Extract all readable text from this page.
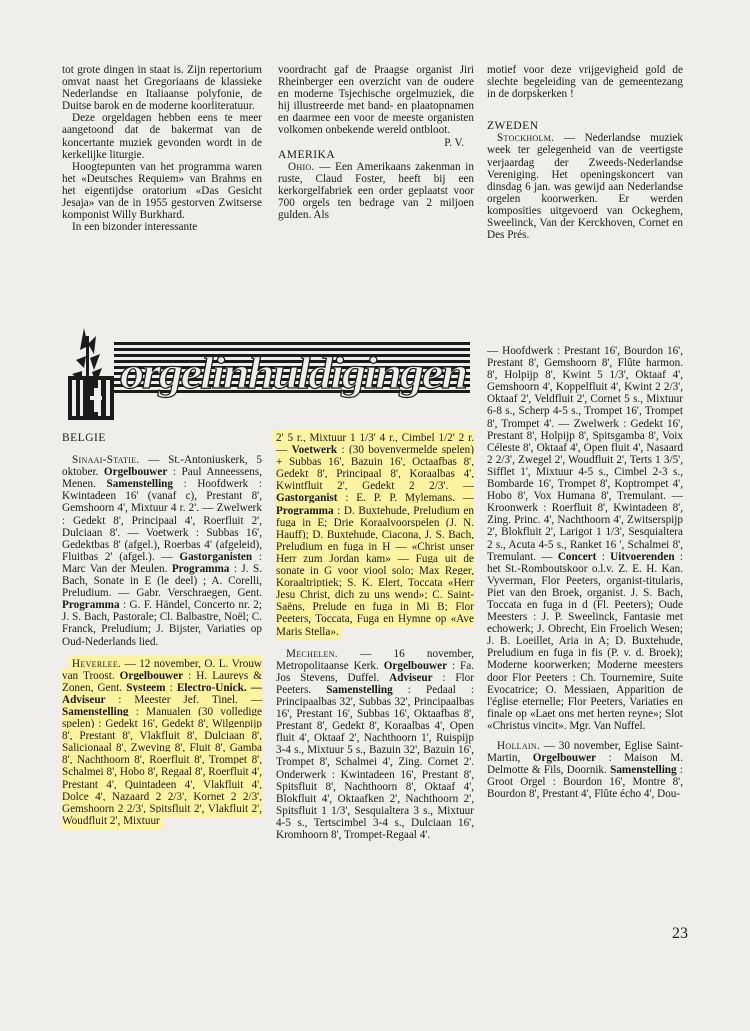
tot grote dingen in staat is. Zijn repertorium omvat naast het Gregoriaans de klassieke Nederlandse en Italiaanse polyfonie, de Duitse barok en de moderne koorliteratuur.

Deze orgeldagen hebben eens te meer aangetoond dat de bakermat van de koncertante muziek gevonden wordt in de kerkelijke liturgie.

Hoogtepunten van het programma waren het «Deutsches Requiem» van Brahms en het eigentijdse oratorium «Das Gesicht Jesaja» van de in 1955 gestorven Zwitserse komponist Willy Burkhard.

In een bizonder interessante

voordracht gaf de Praagse organist Jiri Rheinberger een overzicht van de oudere en moderne Tsjechische orgelmuziek, die hij illustreerde met band- en plaatopnamen en daarmee een voor de meeste organisten volkomen onbekende wereld ontbloot.

P. V.

AMERIKA

Ohio. — Een Amerikaans zakenman in ruste, Claud Foster, heeft bij een kerkorgelfabriek een order geplaatst voor 700 orgels ten bedrage van 2 miljoen gulden. Als

motief voor deze vrijgevigheid gold de slechte begeleiding van de gemeentezang in de dorpskerken !

ZWEDEN

Stockholm. — Nederlandse muziek week ter gelegenheid van de veertigste verjaardag der Zweeds-Nederlandse Vereniging. Het openingskoncert van dinsdag 6 jan. was gewijd aan Nederlandse orgelen koorwerken. Er werden komposities uitgevoerd van Ockeghem, Sweelinck, Van der Kerckhoven, Cornet en Des Prés.

orgelinhuldigingen

BELGIE

Sinaai-Statie. — St.-Antoniuskerk, 5 oktober. Orgelbouwer : Paul Anneessens, Menen. Samenstelling : Hoofdwerk : Kwintadeen 16' (vanaf c), Prestant 8', Gemshoorn 4', Mixtuur 4 r. 2'. — Zwelwerk : Gedekt 8', Principaal 4', Roerfluit 2', Dulciaan 8'. — Voetwerk : Subbas 16', Gedektbas 8' (afgel.), Roerbas 4' (afgeleid), Fluitbas 2' (afgel.). — Gastorganisten : Marc Van der Meulen. Programma : J. S. Bach, Sonate in E (le deel) ; A. Corelli, Preludium. — Gabr. Verschraegen, Gent. Programma : G. F. Händel, Concerto nr. 2; J. S. Bach, Pastorale; Cl. Balbastre, Noël; C. Franck, Preludium; J. Bijster, Variaties op Oud-Nederlands lied.

Heverlee. — 12 november, O. L. Vrouw van Troost. Orgelbouwer : H. Laureys & Zonen, Gent. Systeem : Electro-Unick. — Adviseur : Meester Jef. Tinel. — Samenstelling : Manualen (30 volledige spelen) : Gedekt 16', Gedekt 8', Wilgenpijp 8', Prestant 8', Vlakfluit 8', Dulciaan 8', Salicionaal 8', Zweving 8', Fluit 8', Gamba 8', Nachthoorn 8', Roerfluit 8', Trompet 8', Schalmei 8', Hobo 8', Regaal 8', Roerfluit 4', Prestant 4', Quintadeen 4', Vlakfluit 4', Dolce 4', Nazaard 2 2/3', Kornet 2 2/3', Gemshoorn 2 2/3', Spitsfluit 2', Vlakfluit 2', Woudfluit 2', Mixtuur

2' 5 r., Mixtuur 1 1/3' 4 r., Cimbel 1/2' 2 r. — Voetwerk : (30 bovenvermelde spelen) + Subbas 16', Bazuin 16', Octaafbas 8', Gedekt 8', Principaal 8', Koraalbas 4', Kwintfluit 2', Gedekt 2 2/3'. — Gastorganist : E. P. P. Mylemans. — Programma : D. Buxtehude, Preludium en fuga in E; Drie Koraalvoorspelen (J. N. Hauff); D. Buxtehude, Ciacona, J. S. Bach, Preludium en fuga in H — «Christ unser Herr zum Jordan kam» — Fuga uit de sonate in G voor viool solo; Max Reger, Koraaltriptiek; S. K. Elert, Toccata «Herr Jesu Christ, dich zu uns wend»; C. Saint-Saëns, Prelude en fuga in Mi B; Flor Peeters, Toccata, Fuga en Hymne op «Ave Maris Stella».

Mechelen. — 16 november, Metropolitaanse Kerk. Orgelbouwer : Fa. Jos Stevens, Duffel. Adviseur : Flor Peeters. Samenstelling : Pedaal : Principaalbas 32', Subbas 32', Principaalbas 16', Prestant 16', Subbas 16', Oktaafbas 8', Prestant 8', Gedekt 8', Koraalbas 4', Open fluit 4', Oktaaf 2', Nachthoorn 1', Ruispijp 3-4 s., Mixtuur 5 s., Bazuin 32', Bazuin 16', Trompet 8', Schalmei 4', Zing. Cornet 2'. Onderwerk : Kwintadeen 16', Prestant 8', Spitsfluit 8', Nachthoorn 8', Oktaaf 4', Blokfluit 4', Oktaafken 2', Nachthoorn 2', Spitsfluit 1 1/3', Sesquialtera 3 s., Mixtuur 4-5 s., Tertscimbel 3-4 s., Dulciaan 16', Kromhoorn 8', Trompet-Regaal 4'.

— Hoofdwerk : Prestant 16', Bourdon 16', Prestant 8', Gemshoorn 8', Flûte harmon. 8', Holpijp 8', Kwint 5 1/3', Oktaaf 4', Gemshoorn 4', Koppelfluit 4', Kwint 2 2/3', Oktaaf 2', Veldfluit 2', Cornet 5 s., Mixtuur 6-8 s., Scherp 4-5 s., Trompet 16', Trompet 8', Trompet 4'. — Zwelwerk : Gedekt 16', Prestant 8', Holpijp 8', Spitsgamba 8', Voix Céleste 8', Oktaaf 4', Open fluit 4', Nasaard 2 2/3', Zwegel 2', Woudfluit 2', Terts 1 3/5', Sifflet 1', Mixtuur 4-5 s., Cimbel 2-3 s., Bombarde 16', Trompet 8', Koptrompet 4', Hobo 8', Vox Humana 8', Tremulant. — Kroonwerk : Roerfluit 8', Kwintadeen 8', Zing. Princ. 4', Nachthoorn 4', Zwitserspijp 2', Blokfluit 2', Larigot 1 1/3', Sesquialtera 2 s., Acuta 4-5 s., Ranket 16 ', Schalmei 8', Tremulant. — Concert : Uitvoerenden : het St.-Romboutskoor o.l.v. Z. E. H. Kan. Vyverman, Flor Peeters, organist-titularis, Piet van den Broek, organist. J. S. Bach, Toccata en fuga in d (Fl. Peeters); Oude Meesters : J. P. Sweelinck, Fantasie met echowerk; J. Obrecht, Ein Froelich Wesen; J. B. Loeillet, Aria in A; D. Buxtehude, Preludium en fuga in fis (P. v. d. Broek); Moderne koorwerken; Moderne meesters door Flor Peeters : Ch. Tournemire, Suite Evocatrice; O. Messiaen, Apparition de l'église eternelle; Flor Peeters, Variaties en finale op «Laet ons met herten reyne»; Slot «Christus vincit». Mgr. Van Nuffel.

Hollain. — 30 november, Eglise Saint-Martin, Orgelbouwer : Maison M. Delmotte & Fils, Doornik. Samenstelling : Groot Orgel : Bourdon 16', Montre 8', Bourdon 8', Prestant 4', Flûte écho 4', Dou-

23
